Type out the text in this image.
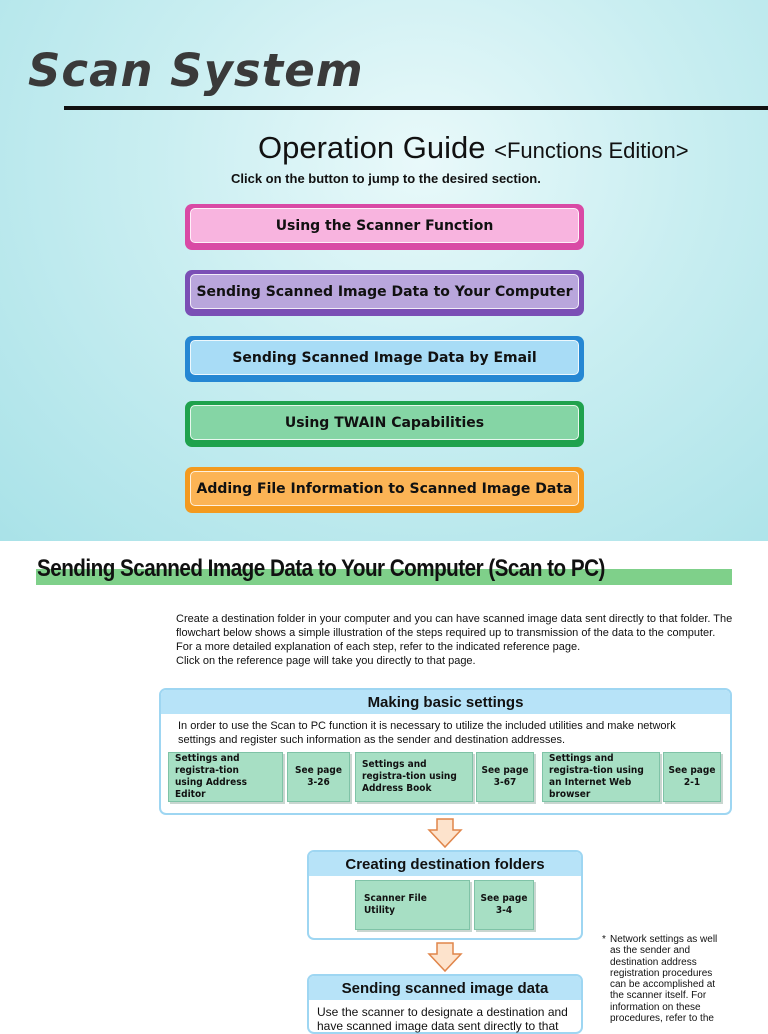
Scan System
Operation Guide <Functions Edition>
Click on the button to jump to the desired section.
Using the Scanner Function
Sending Scanned Image Data to Your Computer
Sending Scanned Image Data by Email
Using TWAIN Capabilities
Adding File Information to Scanned Image Data
Sending Scanned Image Data to Your Computer (Scan to PC)
Create a destination folder in your computer and you can have scanned image data sent directly to that folder. The flowchart below shows a simple illustration of the steps required up to transmission of the data to the computer.
For a more detailed explanation of each step, refer to the indicated reference page.
Click on the reference page will take you directly to that page.
Making basic settings
In order to use the Scan to PC function it is necessary to utilize the included utilities and make network settings and register such information as the sender and destination addresses.
Settings and registra-tion using Address Editor
See page 3-26
Settings and registra-tion using Address Book
See page 3-67
Settings and registra-tion using an Internet Web browser
See page 2-1
Creating destination folders
Scanner File Utility
See page 3-4
Sending scanned image data
Use the scanner to designate a destination and have scanned image data sent directly to that
* Network settings as well as the sender and destination address registration procedures can be accomplished at the scanner itself. For information on these procedures, refer to the
